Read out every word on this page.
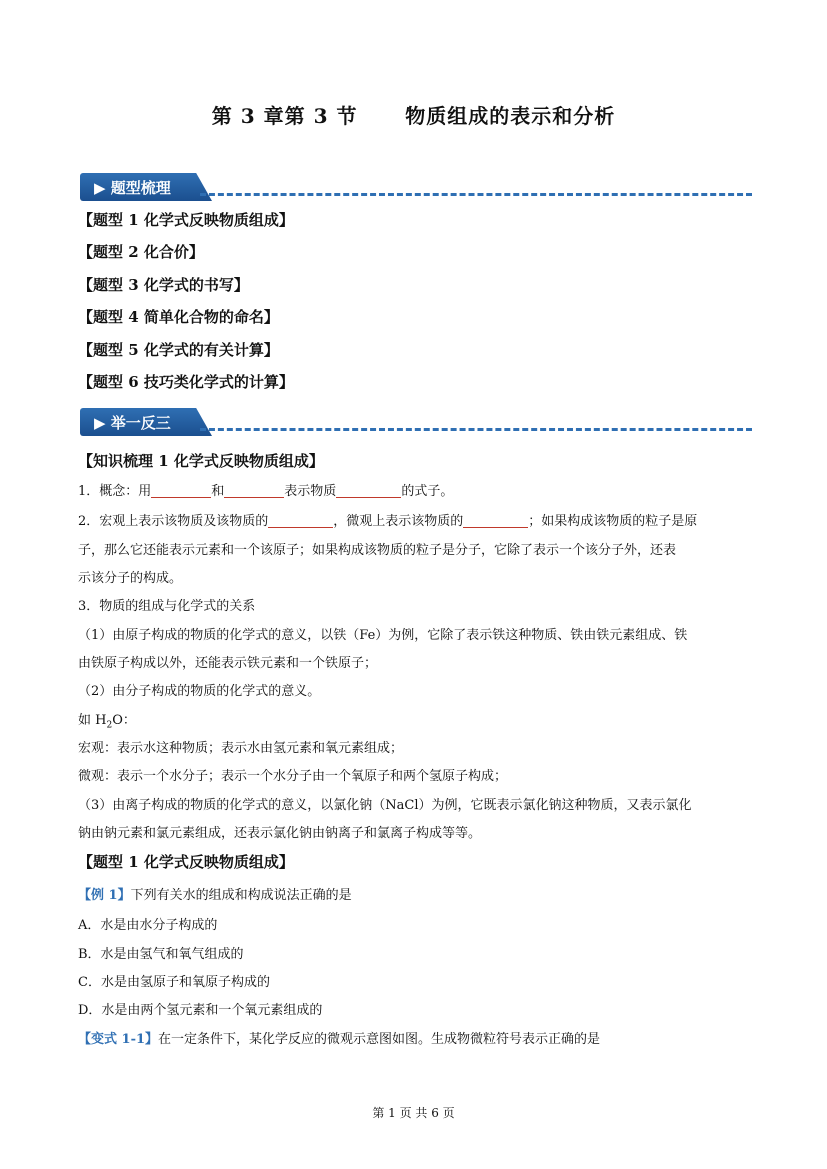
第 3 章第 3 节      物质组成的表示和分析
▶ 题型梳理
【题型 1 化学式反映物质组成】
【题型 2 化合价】
【题型 3 化学式的书写】
【题型 4 简单化合物的命名】
【题型 5 化学式的有关计算】
【题型 6 技巧类化学式的计算】
▶ 举一反三
【知识梳理 1 化学式反映物质组成】
1．概念：用	和	表示物质	的式子。
2．宏观上表示该物质及该物质的	，微观上表示该物质的	；如果构成该物质的粒子是原
子，那么它还能表示元素和一个该原子；如果构成该物质的粒子是分子，它除了表示一个该分子外，还表
示该分子的构成。
3．物质的组成与化学式的关系
（1）由原子构成的物质的化学式的意义，以铁（Fe）为例，它除了表示铁这种物质、铁由铁元素组成、铁
由铁原子构成以外，还能表示铁元素和一个铁原子；
（2）由分子构成的物质的化学式的意义。
如 $H_2O$：
宏观：表示水这种物质；表示水由氢元素和氧元素组成；
微观：表示一个水分子；表示一个水分子由一个氧原子和两个氢原子构成；
（3）由离子构成的物质的化学式的意义，以氯化钠（NaCl）为例，它既表示氯化钠这种物质，又表示氯化
钠由钠元素和氯元素组成，还表示氯化钠由钠离子和氯离子构成等等。
【题型 1 化学式反映物质组成】
【例 1】下列有关水的组成和构成说法正确的是
A．水是由水分子构成的
B．水是由氢气和氧气组成的
C．水是由氢原子和氧原子构成的
D．水是由两个氢元素和一个氧元素组成的
【变式 1-1】在一定条件下，某化学反应的微观示意图如图。生成物微粒符号表示正确的是
第 1 页 共 6 页
